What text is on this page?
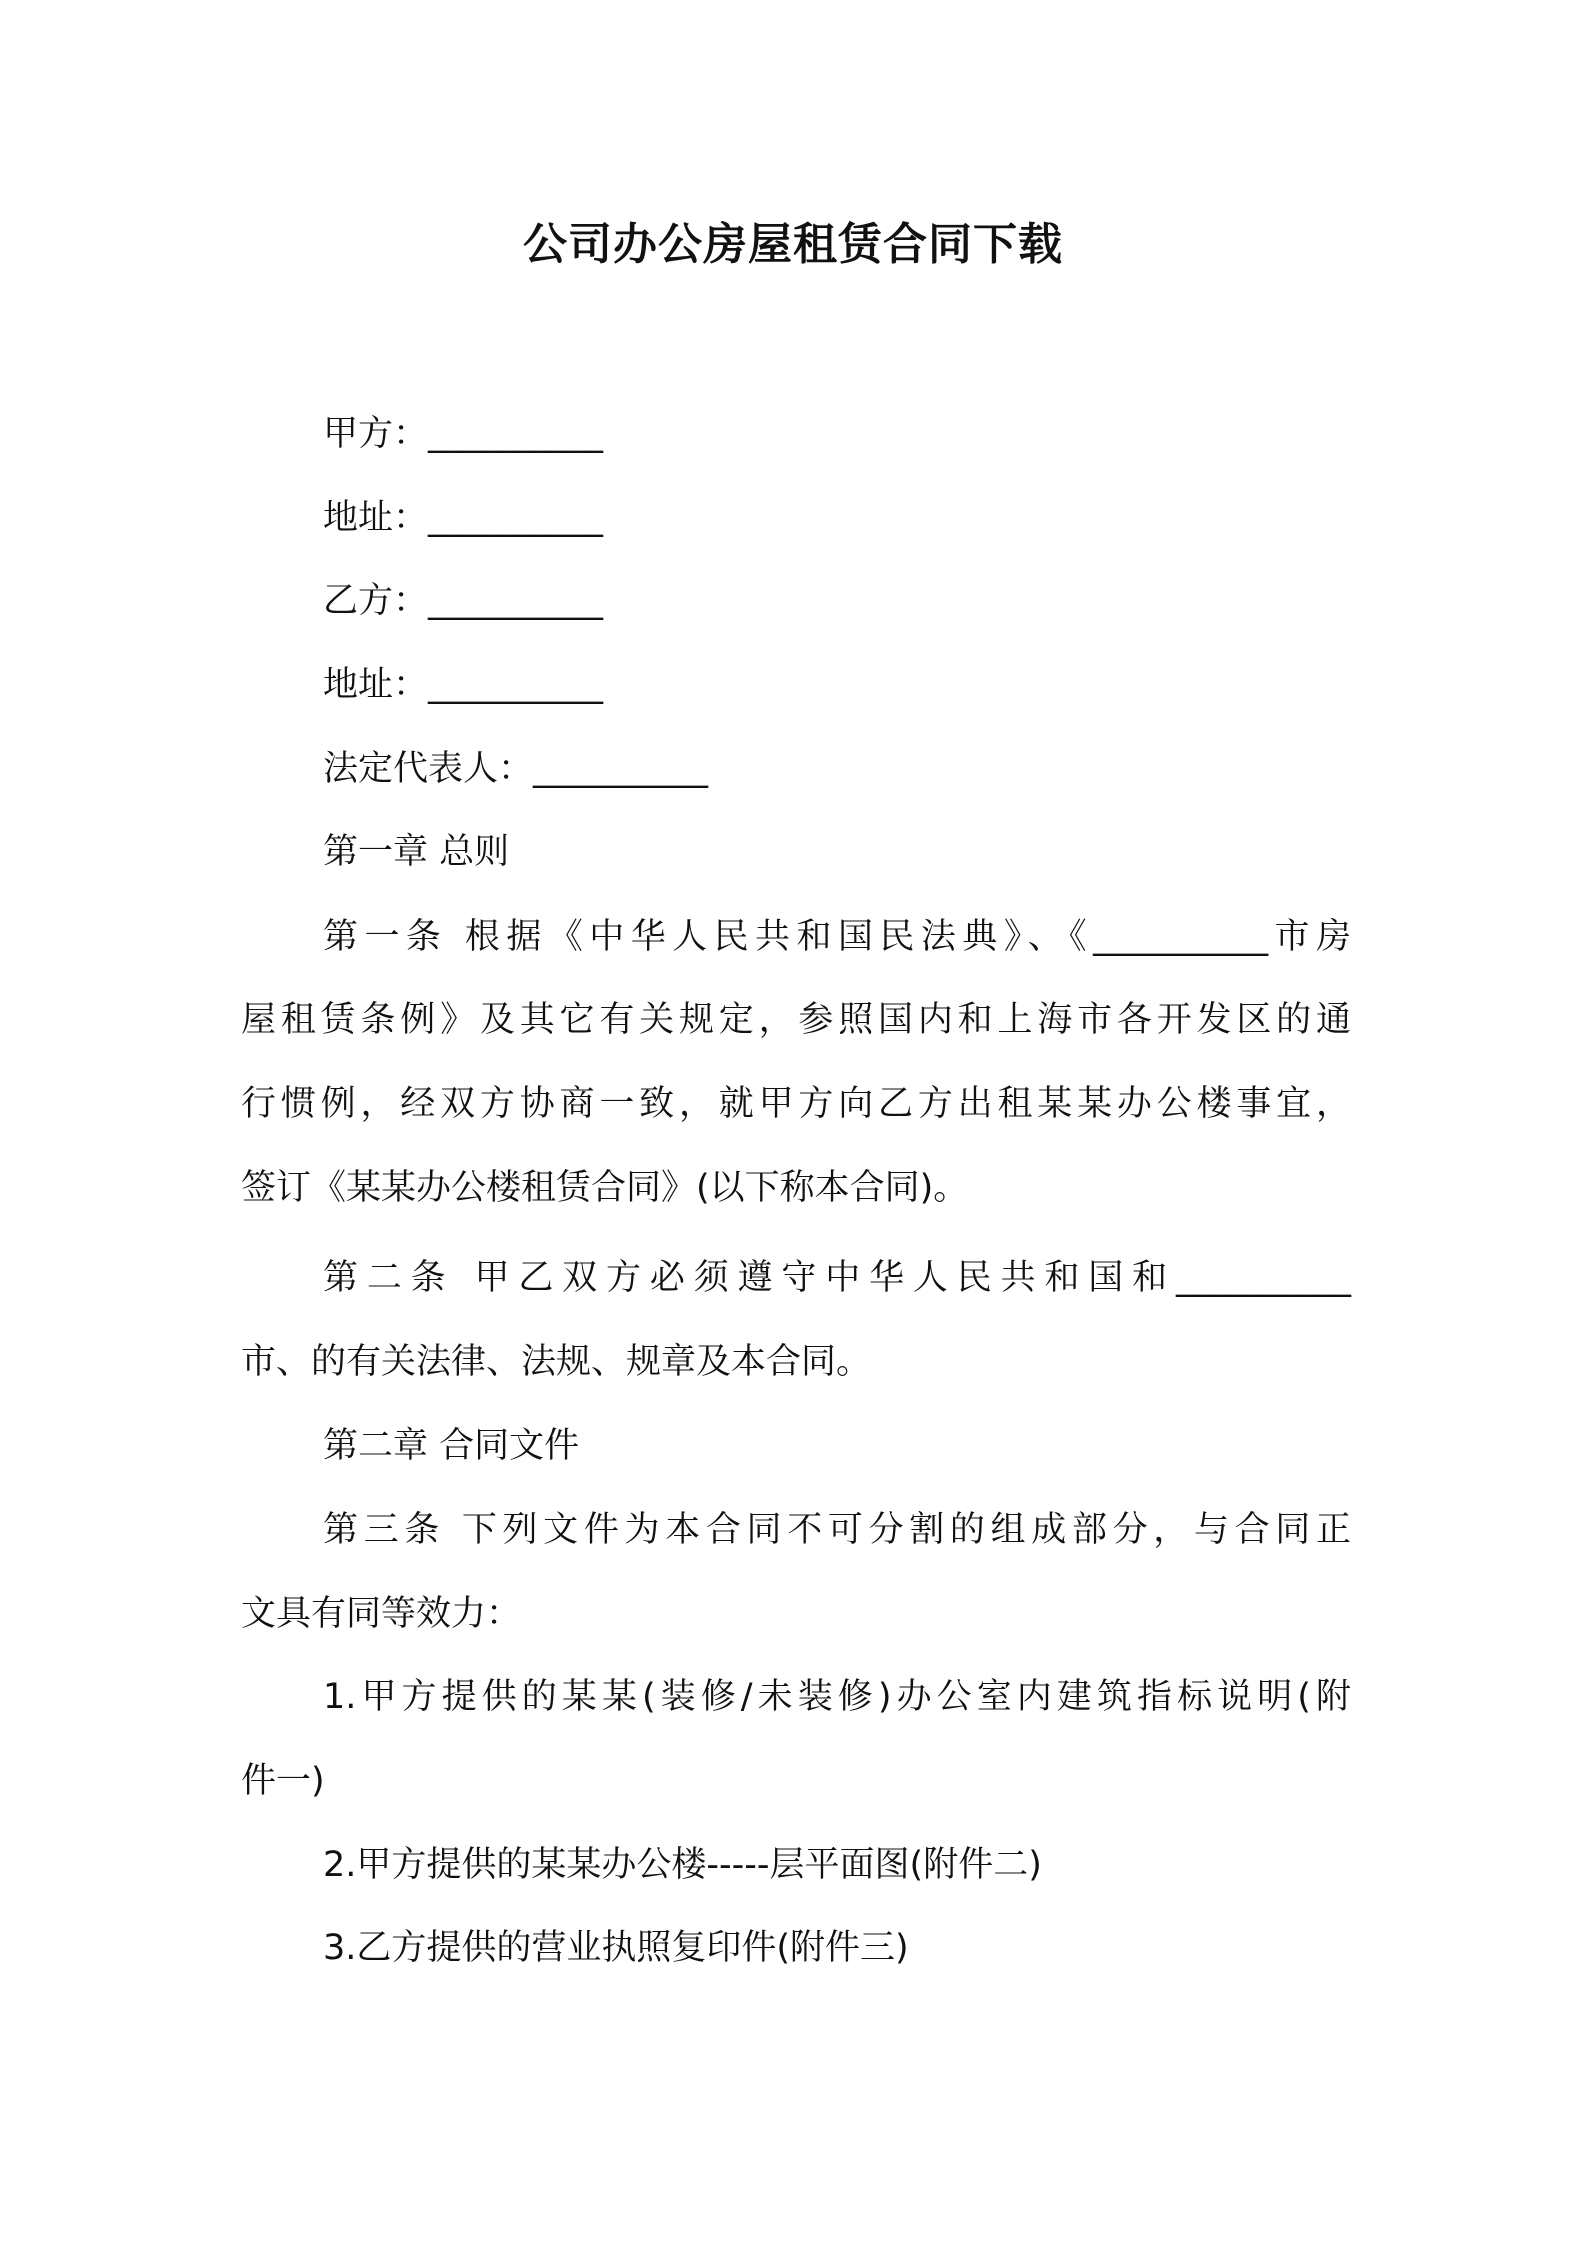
公司办公房屋租赁合同下载
甲方：__________
地址：__________
乙方：__________
地址：__________
法定代表人：__________
第一章 总则
第一条 根据《中华人民共和国民法典》、《__________市房
屋租赁条例》及其它有关规定，参照国内和上海市各开发区的通
行惯例，经双方协商一致，就甲方向乙方出租某某办公楼事宜，
签订《某某办公楼租赁合同》(以下称本合同)。
第二条 甲乙双方必须遵守中华人民共和国和__________
市、的有关法律、法规、规章及本合同。
第二章 合同文件
第三条 下列文件为本合同不可分割的组成部分，与合同正
文具有同等效力：
1.甲方提供的某某(装修/未装修)办公室内建筑指标说明(附
件一)
2.甲方提供的某某办公楼-----层平面图(附件二)
3.乙方提供的营业执照复印件(附件三)
